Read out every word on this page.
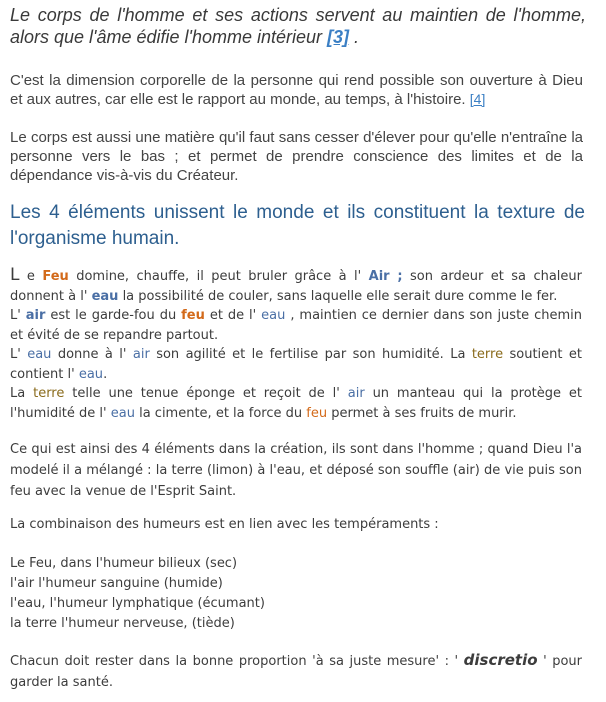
Le corps de l'homme et ses actions servent au maintien de l'homme, alors que l'âme édifie l'homme intérieur [3] .
C'est la dimension corporelle de la personne qui rend possible son ouverture à Dieu et aux autres, car elle est le rapport au monde, au temps, à l'histoire. [4]
Le corps est aussi une matière qu'il faut sans cesser d'élever pour qu'elle n'entraîne la personne vers le bas ; et permet de prendre conscience des limites et de la dépendance vis-à-vis du Créateur.
Les 4 éléments unissent le monde et ils constituent la texture de l'organisme humain.

L e Feu domine, chauffe, il peut bruler grâce à l' Air ; son ardeur et sa chaleur donnent à l' eau la possibilité de couler, sans laquelle elle serait dure comme le fer.

L' air est le garde-fou du feu et de l' eau , maintien ce dernier dans son juste chemin et évité de se repandre partout.

L' eau donne à l' air son agilité et le fertilise par son humidité. La terre soutient et contient l' eau.

La terre telle une tenue éponge et reçoit de l' air un manteau qui la protège et l'humidité de l' eau la cimente, et la force du feu permet à ses fruits de murir.

Ce qui est ainsi des 4 éléments dans la création, ils sont dans l'homme ; quand Dieu l'a modelé il a mélangé : la terre (limon) à l'eau, et déposé son souffle (air) de vie puis son feu avec la venue de l'Esprit Saint.
La combinaison des humeurs est en lien avec les tempéraments :
Le Feu, dans l'humeur bilieux (sec)
l'air l'humeur sanguine (humide)
l'eau, l'humeur lymphatique (écumant)
la terre l'humeur nerveuse, (tiède)
Chacun doit rester dans la bonne proportion 'à sa juste mesure' : ' discretio ' pour garder la santé.
